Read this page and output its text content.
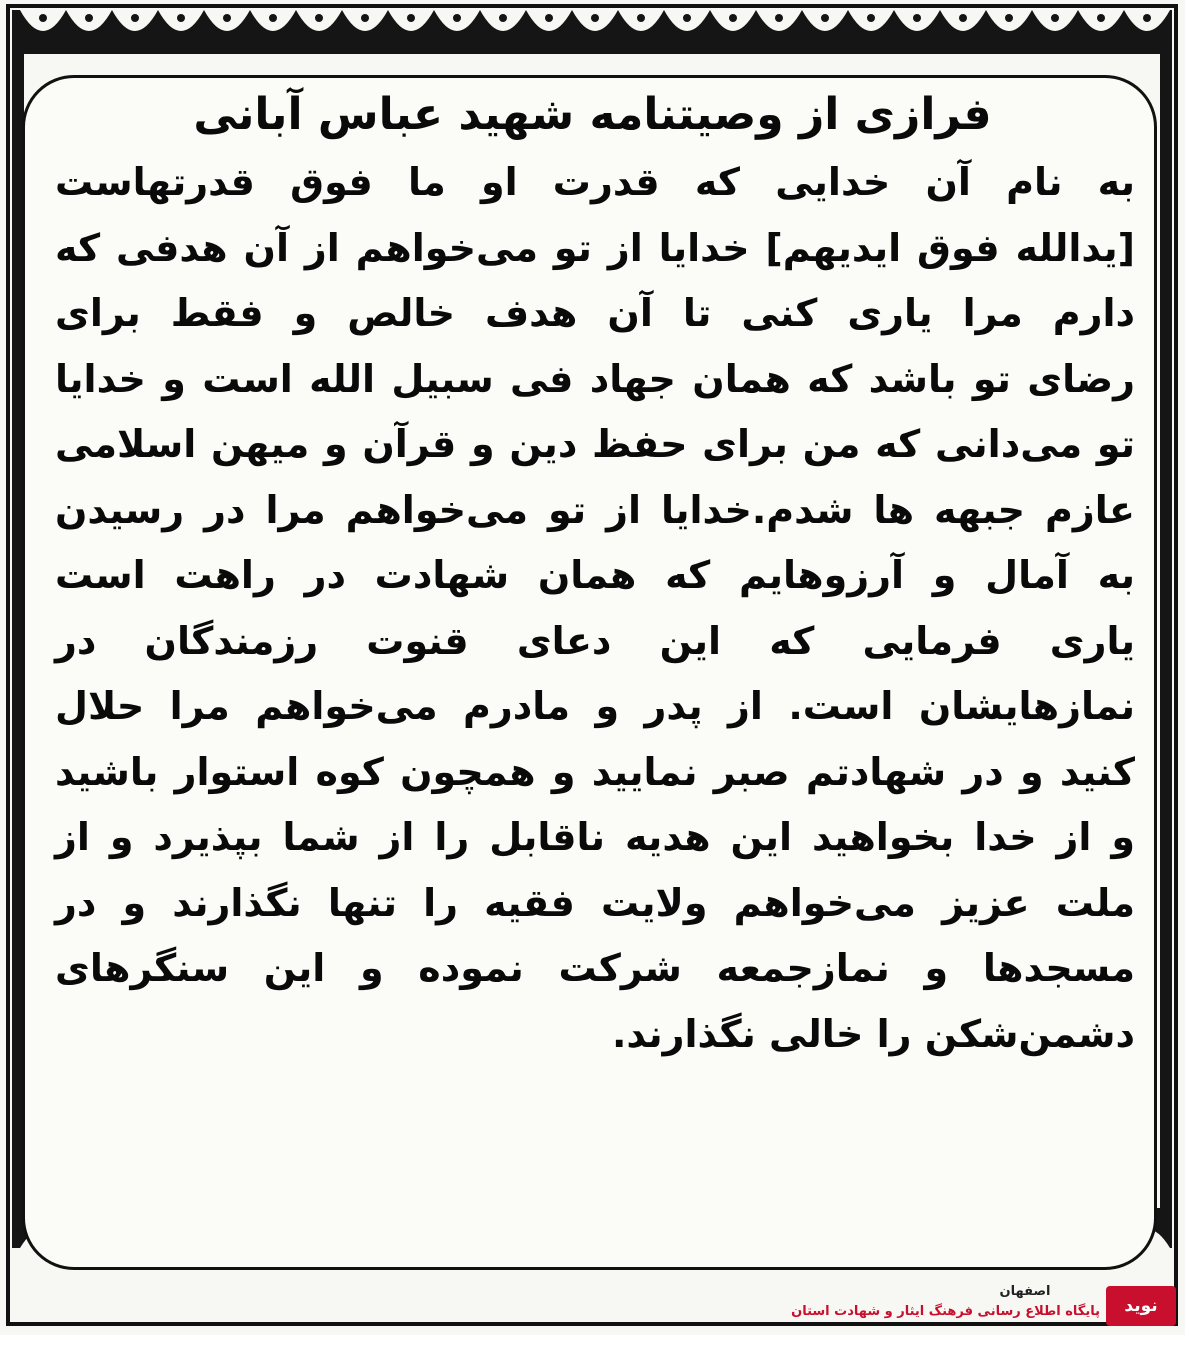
فرازی از وصیتنامه شهید عباس آبانی
به نام آن خدایی که قدرت او ما فوق قدرتهاست
[یدالله فوق ایدیهم] خدایا از تو می‌خواهم از آن هدفی که
دارم مرا یاری کنی تا آن هدف خالص و فقط برای
رضای تو باشد که همان جهاد فی سبیل الله است و خدایا
تو می‌دانی که من برای حفظ دین و قرآن و میهن اسلامی
عازم جبهه ها شدم.خدایا از تو می‌خواهم مرا در رسیدن
به آمال و آرزوهایم که همان شهادت در راهت است
یاری فرمایی که این دعای قنوت رزمندگان در
نمازهایشان است. از پدر و مادرم می‌خواهم مرا حلال
کنید و در شهادتم صبر نمایید و همچون کوه استوار باشید
و از خدا بخواهید این هدیه ناقابل را از شما بپذیرد و از
ملت عزیز می‌خواهم ولایت فقیه را تنها نگذارند و در
مسجدها و نمازجمعه شرکت نموده و این سنگرهای
دشمن‌شکن را خالی نگذارند.
نوید شاهد
اصفهان
پایگاه اطلاع رسانی فرهنگ ایثار و شهادت استان
